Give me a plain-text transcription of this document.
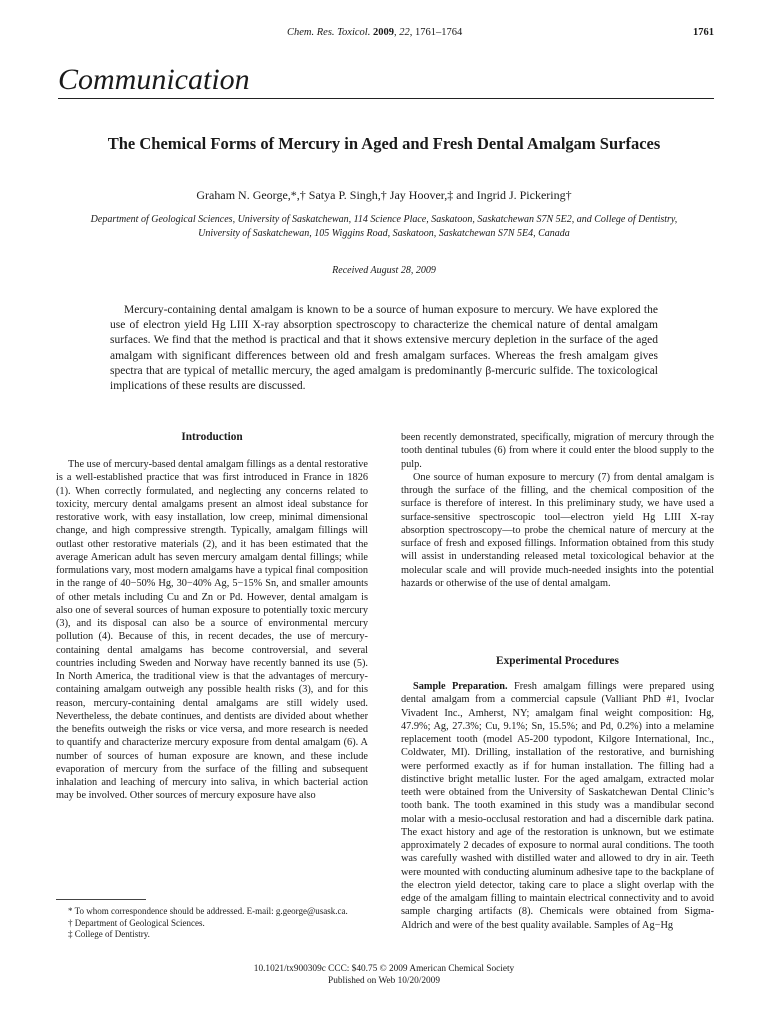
Chem. Res. Toxicol. 2009, 22, 1761–1764	1761
Communication
The Chemical Forms of Mercury in Aged and Fresh Dental Amalgam Surfaces
Graham N. George,*,† Satya P. Singh,† Jay Hoover,‡ and Ingrid J. Pickering†
Department of Geological Sciences, University of Saskatchewan, 114 Science Place, Saskatoon, Saskatchewan S7N 5E2, and College of Dentistry, University of Saskatchewan, 105 Wiggins Road, Saskatoon, Saskatchewan S7N 5E4, Canada
Received August 28, 2009
Mercury-containing dental amalgam is known to be a source of human exposure to mercury. We have explored the use of electron yield Hg L⁢III X-ray absorption spectroscopy to characterize the chemical nature of dental amalgam surfaces. We find that the method is practical and that it shows extensive mercury depletion in the surface of the aged amalgam with significant differences between old and fresh amalgam surfaces. Whereas the fresh amalgam gives spectra that are typical of metallic mercury, the aged amalgam is predominantly β-mercuric sulfide. The toxicological implications of these results are discussed.
Introduction

The use of mercury-based dental amalgam fillings as a dental restorative is a well-established practice that was first introduced in France in 1826 (1). When correctly formulated, and neglecting any concerns related to toxicity, mercury dental amalgams present an almost ideal substance for restorative work, with easy installation, low creep, minimal dimensional change, and high compressive strength. Typically, amalgam fillings will outlast other restorative materials (2), and it has been estimated that the average American adult has seven mercury amalgam dental fillings; while formulations vary, most modern amalgams have a typical final composition in the range of 40−50% Hg, 30−40% Ag, 5−15% Sn, and smaller amounts of other metals including Cu and Zn or Pd. However, dental amalgam is also one of several sources of human exposure to potentially toxic mercury (3), and its disposal can also be a source of environmental mercury pollution (4). Because of this, in recent decades, the use of mercury-containing dental amalgams has become controversial, and several countries including Sweden and Norway have recently banned its use (5). In North America, the traditional view is that the advantages of mercury-containing amalgam outweigh any possible health risks (3), and for this reason, mercury-containing dental amalgams are still widely used. Nevertheless, the debate continues, and dentists are divided about whether the benefits outweigh the risks or vice versa, and more research is needed to quantify and characterize mercury exposure from dental amalgam (6). A number of sources of human exposure are known, and these include evaporation of mercury from the surface of the filling and subsequent inhalation and leaching of mercury into saliva, in which bacterial action may be involved. Other sources of mercury exposure have also

been recently demonstrated, specifically, migration of mercury through the tooth dentinal tubules (6) from where it could enter the blood supply to the pulp.

One source of human exposure to mercury (7) from dental amalgam is through the surface of the filling, and the chemical composition of the surface is therefore of interest. In this preliminary study, we have used a surface-sensitive spectroscopic tool—electron yield Hg LIII X-ray absorption spectroscopy—to probe the chemical nature of mercury at the surface of fresh and exposed fillings. Information obtained from this study will assist in understanding released metal toxicological behavior at the molecular scale and will provide much-needed insights into the potential hazards or otherwise of the use of dental amalgam.

Experimental Procedures

Sample Preparation. Fresh amalgam fillings were prepared using dental amalgam from a commercial capsule (Valliant PhD #1, Ivoclar Vivadent Inc., Amherst, NY; amalgam final weight composition: Hg, 47.9%; Ag, 27.3%; Cu, 9.1%; Sn, 15.5%; and Pd, 0.2%) into a melamine replacement tooth (model A5-200 typodont, Kilgore International, Inc., Coldwater, MI). Drilling, installation of the restorative, and burnishing were performed exactly as if for human installation. The filling had a distinctive bright metallic luster. For the aged amalgam, extracted molar teeth were obtained from the University of Saskatchewan Dental Clinic’s tooth bank. The tooth examined in this study was a mandibular second molar with a mesio-occlusal restoration and had a discernible dark patina. The exact history and age of the restoration is unknown, but we estimate approximately 2 decades of exposure to normal aural conditions. The tooth was carefully washed with distilled water and allowed to dry in air. Teeth were mounted with conducting aluminum adhesive tape to the backplane of the electron yield detector, taking care to place a slight overlap with the edge of the amalgam filling to maintain electrical connectivity and to avoid sample charging artifacts (8). Chemicals were obtained from Sigma-Aldrich and were of the best quality available. Samples of Ag−Hg

* To whom correspondence should be addressed. E-mail: g.george@usask.ca.

† Department of Geological Sciences.

‡ College of Dentistry.

10.1021/tx900309c CCC: $40.75 © 2009 American Chemical Society
Published on Web 10/20/2009
